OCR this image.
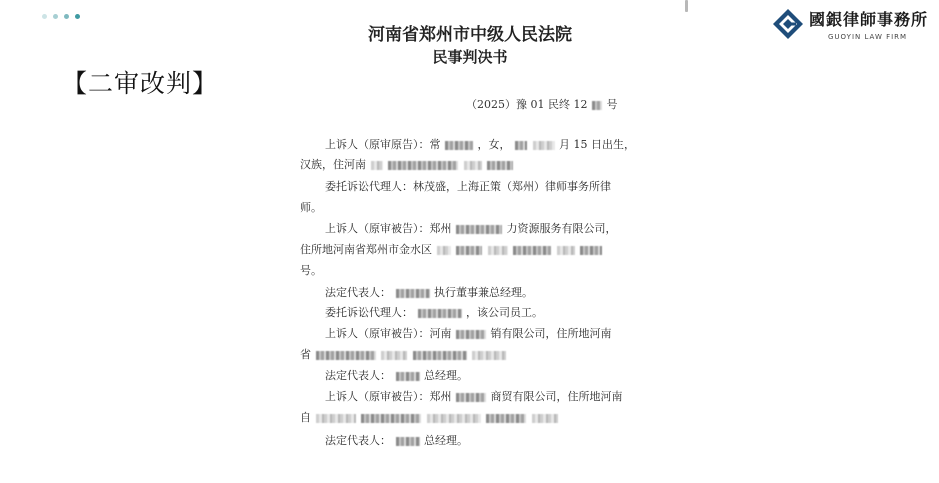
【二审改判】
國銀律師事務所
GUOYIN LAW FIRM
河南省郑州市中级人民法院
民事判决书
（2025）豫 01 民终 12 号
上诉人（原审原告）：常	，女，	月 15 日出生，
汉族，住河南
委托诉讼代理人：林茂盛，上海正策（郑州）律师事务所律
师。
上诉人（原审被告）：郑州	力资源服务有限公司，
住所地河南省郑州市金水区
号。
法定代表人：	执行董事兼总经理。
委托诉讼代理人：	，该公司员工。
上诉人（原审被告）：河南	销有限公司，住所地河南
省
法定代表人：	总经理。
上诉人（原审被告）：郑州	商贸有限公司，住所地河南
自
法定代表人：	总经理。
